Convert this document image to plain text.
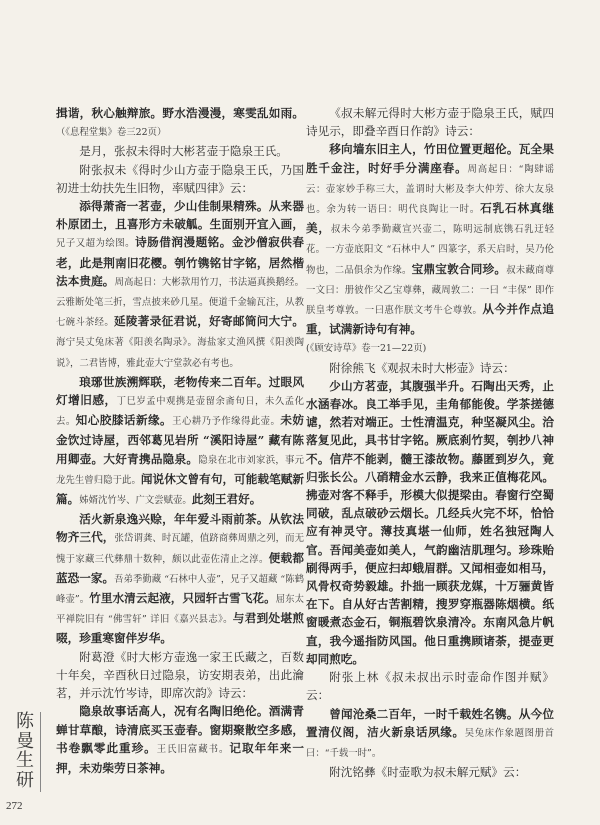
揖谐，秋心触辩旅。野水浩漫漫，寒雯乱如雨。（《息程堂集》卷三22页）

是月，张叔未得时大彬茗壶于隐泉王氏。

附张叔未《得时少山方壶于隐泉王氏，乃国初进士幼扶先生旧物，率赋四律》云：

添得萧斋一茗壶，少山佳制果精殊。从来器朴原团土，且喜形方未破觚。生面别开宜入画，兄子又超为绘图。诗肠借润漫题铭。金沙僧寂供春老，此是荆南旧花樱。刳竹镌铭甘字铭，居然楷法本贵庭。周高起日：大彬款用竹刀，书法逼真换鹅经。云雅断处笔三折，雪点披来砂几星。便道千金输瓦注，从教七碗斗茶经。延陵著录征君说，好寄邮筒问大宁。海宁吴丈兔床著《阳羡名陶录》。海盐家丈渔风撰《阳羡陶说》，二君皆博，雅此壶大宁堂款必有考也。

琅琊世族溯辉联，老物传来二百年。过眼风灯增旧感，丁巳岁孟中观携是壶留余斋旬日，未久孟化去。知心胶膝话新缘。王心耕乃予作缘得此壶。未妨金饮过诗屋，西邻葛见岩所 “溪阳诗屋” 藏有陈用卿壶。大好青携品隐泉。隐泉在北市刘家浜，事元龙先生曾归隐于此。闻说休文曾有句，可能载笔赋新篇。姊婿沈竹岑、广文尝赋壶。此刻王君好。

活火新泉逸兴赊，年年爱斗雨前茶。从钦法物齐三代，张岱谓龚、时瓦罐，值跻商彝周鼎之列，而无愧于家藏三代彝鼎十数种，颇以此壶佐清止之淳。便载都蓝恐一家。吾弟季勤藏 “石林中人壶”，兄子又超藏 “陈鹤峰壶”。竹里水清云起液，只园轩古雪飞花。屈东太平禅院旧有 “佛雪轩” 详旧《嘉兴县志》。与君到处堪煎啜，珍重寒窗伴岁华。

附葛澄《时大彬方壶逸一家王氏藏之，百数十年矣，辛酉秋日过隐泉，访安期表弟，出此瀹茗，并示沈竹岑诗，即席次韵》诗云：

隐泉故事话高人，况有名陶旧绝伦。酒满青蝉甘草酿，诗清底买玉壶春。窗期聚散空多感，书卷飘零此重珍。王氏旧富藏书。记取年年来一押，未劝柴劳日茶神。

《叔未解元得时大彬方壶于隐泉王氏，赋四诗见示，即叠辛酉日作韵》诗云：

移向墙东旧主人，竹田位置更超伦。瓦全果胜千金注，时好手分满座春。周高起日：“陶肆谣云：壶家妙手称三大，盖谓时大彬及李大仲芳、徐大友泉也。余为转一语曰：明代良陶让一时。石乳石林真继美，叔未今弟季勤藏宣兴壶二，陈明远制底镌石乳迂轻花。一方壶底阳文 “石林中人” 四篆字，系天启时，吴乃伦物也，二品俱余为作缘。宝鼎宝敦合同珍。叔未藏商尊一文曰：册彼作父乙宝尊彝，藏周敦二：一曰 “丰保” 即作朕皇考尊敦。一曰惠作朕文考牛仑尊敦。从今并作点追重，试满新诗句有神。

(《顾安诗草》卷一21—22页)

附徐熊飞《观叔未时大彬壶》诗云：

少山方茗壶，其腹强半升。石陶出天秀，止水涵春冰。良工举手见，圭角郁能俊。学茶搓德谑，然若对端正。士性清温克，种坚凝风尘。洽落复见此，具书甘字铭。厥底刹竹契，刳抄八神不。信芹不能剥，髓王漆故物。藤匿到岁久，竟归张长公。八硝精金水云静，我来正值梅花风。拂壶对客不释手，形模大似提梁由。春窗行空蜀同破，乱点破砂云烟长。几经兵火完不坏，恰恰应有神灵守。薄技真堪一仙师，姓名独冠陶人官。吾闻美壶如美人，气韵幽洁肌理匀。珍珠贻刷得两手，便应扫却蛾眉群。又闻相壶如相马，风骨权奇势毅雄。扑拙一顾获龙媒，十万骊黄皆在下。自从好古苦割精，搜罗穿瓶器陈烟横。纸窗暖煮态金石，铜瓶碧饮泉清冷。东南风急片帆直，我今遥指防风国。他日重携顾诸荼，提壶更却同煎吃。

附张上林《叔未叔出示时壶命作图并赋》云：

曾闻沧桑二百年，一时千载姓名镌。从今位置清仪阁，洁火新泉话夙缘。吴兔床作象题图册首曰：“千载一时”。

附沈铭彝《时壶歌为叔未解元赋》云：

陈
曼
生
研
272
